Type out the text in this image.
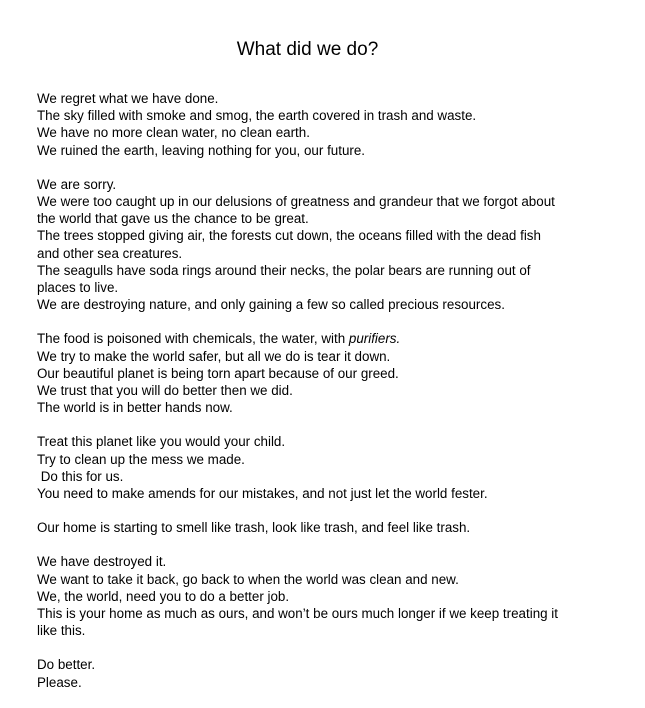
What did we do?
We regret what we have done.
The sky filled with smoke and smog, the earth covered in trash and waste.
We have no more clean water, no clean earth.
We ruined the earth, leaving nothing for you, our future.
We are sorry.
We were too caught up in our delusions of greatness and grandeur that we forgot about
the world that gave us the chance to be great.
The trees stopped giving air, the forests cut down, the oceans filled with the dead fish
and other sea creatures.
The seagulls have soda rings around their necks, the polar bears are running out of
places to live.
We are destroying nature, and only gaining a few so called precious resources.
The food is poisoned with chemicals, the water, with purifiers.
We try to make the world safer, but all we do is tear it down.
Our beautiful planet is being torn apart because of our greed.
We trust that you will do better then we did.
The world is in better hands now.
Treat this planet like you would your child.
Try to clean up the mess we made.
Do this for us.
You need to make amends for our mistakes, and not just let the world fester.
Our home is starting to smell like trash, look like trash, and feel like trash.
We have destroyed it.
We want to take it back, go back to when the world was clean and new.
We, the world, need you to do a better job.
This is your home as much as ours, and won’t be ours much longer if we keep treating it
like this.
Do better.
Please.
